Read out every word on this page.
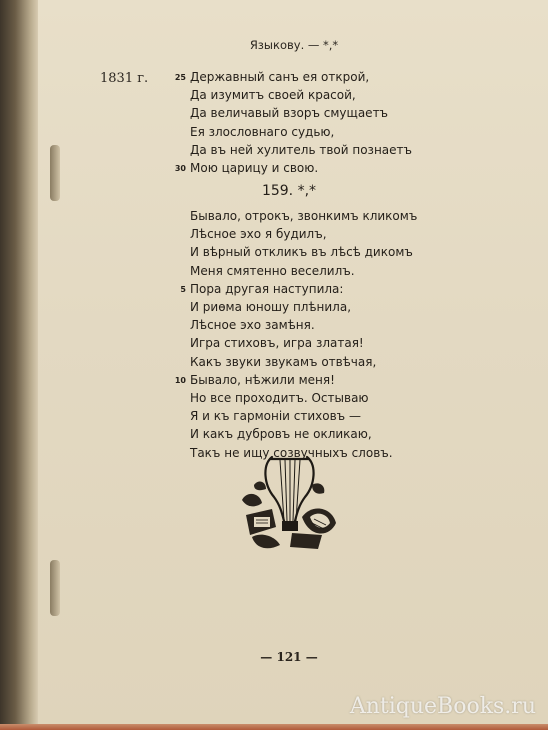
Языкову. — *,*
1831 г.	25 Державный санъ ея открой,
Да изумитъ своей красой,
Да величавый взоръ смущаетъ
Ея злословнаго судью,
Да въ ней хулитель твой познаетъ
30 Мою царицу и свою.
159. *,*
Бывало, отрокъ, звонкимъ кликомъ
Лѣсное эхо я будилъ,
И вѣрный откликъ въ лѣсѣ дикомъ
Меня смятенно веселилъ.
5 Пора другая наступила:
И риѳма юношу плѣнила,
Лѣсное эхо замѣня.
Игра стиховъ, игра златая!
Какъ звуки звукамъ отвѣчая,
10 Бывало, нѣжили меня!
Но все проходитъ. Остываю
Я и къ гармоніи стиховъ —
И какъ дубровъ не окликаю,
Такъ не ищу созвучныхъ словъ.
— 121 —
AntiqueBooks.ru
